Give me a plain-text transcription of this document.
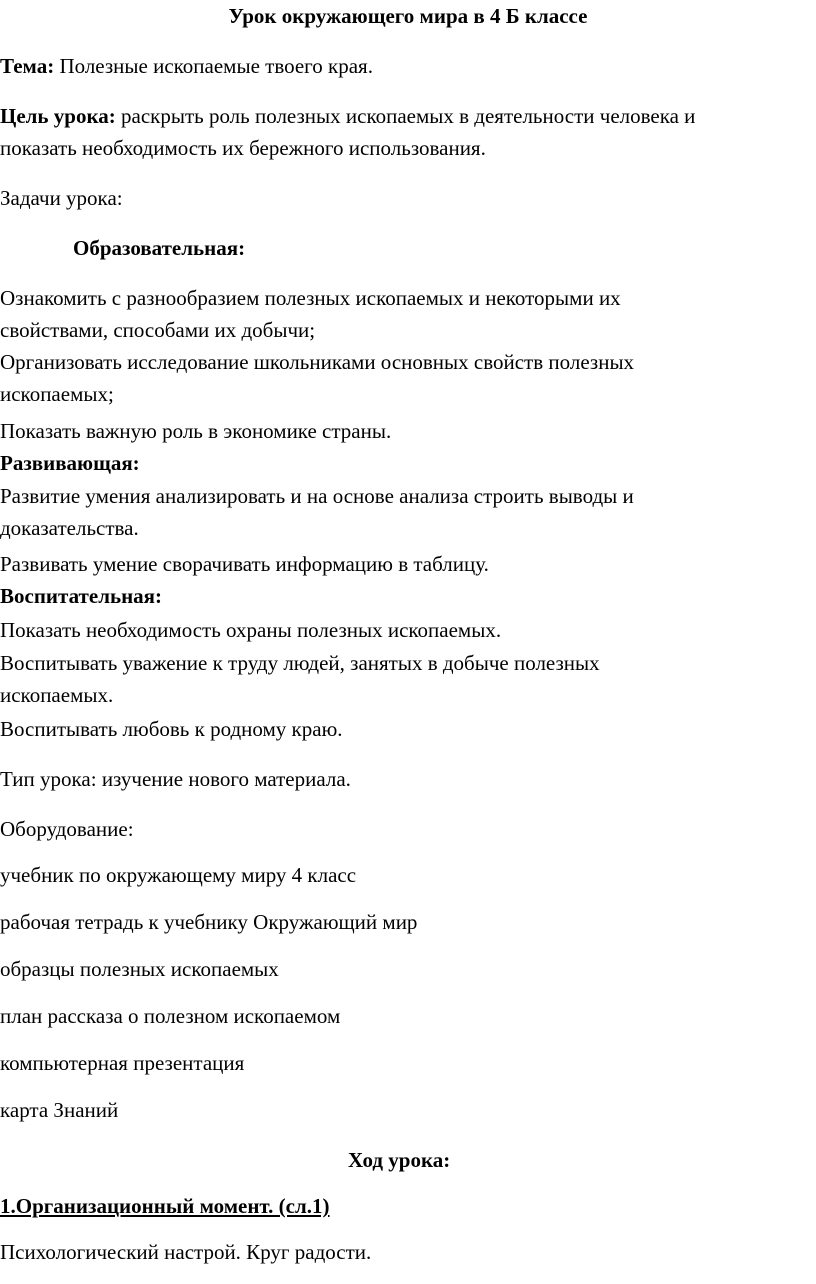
Урок окружающего мира в 4 Б классе

Тема: Полезные ископаемые твоего края.

Цель урока: раскрыть роль полезных ископаемых в деятельности человека и

показать необходимость их бережного использования.

Задачи урока:

Образовательная:

Ознакомить с разнообразием полезных ископаемых и некоторыми их

свойствами, способами их добычи;

Организовать исследование школьниками основных свойств полезных

ископаемых;

Показать важную роль в экономике страны.

Развивающая:

Развитие умения анализировать и на основе анализа строить выводы и

доказательства.

Развивать умение сворачивать информацию в таблицу.

Воспитательная:

Показать необходимость охраны полезных ископаемых.

Воспитывать уважение к труду людей, занятых в добыче полезных

ископаемых.

Воспитывать любовь к родному краю.

Тип урока: изучение нового материала.

Оборудование:

учебник по окружающему миру 4 класс

рабочая тетрадь к учебнику Окружающий мир

образцы полезных ископаемых

план рассказа о полезном ископаемом

компьютерная презентация

карта Знаний

Ход урока:

1.Организационный момент. (сл.1)

Психологический настрой. Круг радости.
